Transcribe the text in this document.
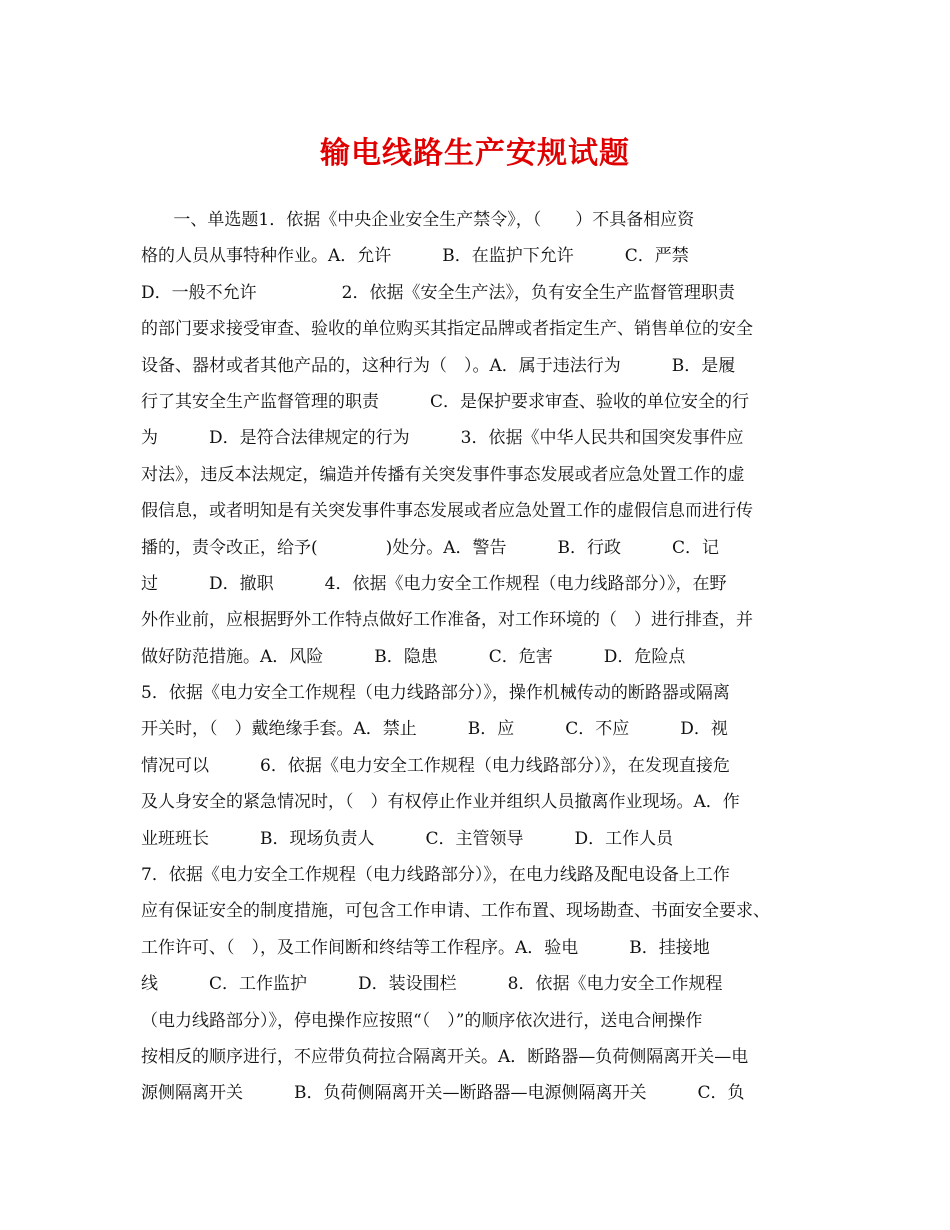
输电线路生产安规试题
一、单选题1．依据《中央企业安全生产禁令》，（　　）不具备相应资
格的人员从事特种作业。A．允许　　　B．在监护下允许　　　C．严禁
D．一般不允许　　　　　2．依据《安全生产法》，负有安全生产监督管理职责
的部门要求接受审查、验收的单位购买其指定品牌或者指定生产、销售单位的安全
设备、器材或者其他产品的，这种行为（　）。A．属于违法行为　　　B．是履
行了其安全生产监督管理的职责　　　C．是保护要求审查、验收的单位安全的行
为　　　D．是符合法律规定的行为　　　3．依据《中华人民共和国突发事件应
对法》，违反本法规定，编造并传播有关突发事件事态发展或者应急处置工作的虚
假信息，或者明知是有关突发事件事态发展或者应急处置工作的虚假信息而进行传
播的，责令改正，给予(　　　　)处分。A．警告　　　B．行政　　　C．记
过　　　D．撤职　　　4．依据《电力安全工作规程（电力线路部分）》，在野
外作业前，应根据野外工作特点做好工作准备，对工作环境的（　）进行排查，并
做好防范措施。A．风险　　　B．隐患　　　C．危害　　　D．危险点
5．依据《电力安全工作规程（电力线路部分）》，操作机械传动的断路器或隔离
开关时，（　）戴绝缘手套。A．禁止　　　B．应　　　C．不应　　　D．视
情况可以　　　6．依据《电力安全工作规程（电力线路部分）》，在发现直接危
及人身安全的紧急情况时，（　）有权停止作业并组织人员撤离作业现场。A．作
业班班长　　　B．现场负责人　　　C．主管领导　　　D．工作人员
7．依据《电力安全工作规程（电力线路部分）》，在电力线路及配电设备上工作
应有保证安全的制度措施，可包含工作申请、工作布置、现场勘查、书面安全要求、
工作许可、（　），及工作间断和终结等工作程序。A．验电　　　B．挂接地
线　　　C．工作监护　　　D．装设围栏　　　8．依据《电力安全工作规程
（电力线路部分）》，停电操作应按照“（　）”的顺序依次进行，送电合闸操作
按相反的顺序进行，不应带负荷拉合隔离开关。A．断路器—负荷侧隔离开关—电
源侧隔离开关　　　B．负荷侧隔离开关—断路器—电源侧隔离开关　　　C．负
